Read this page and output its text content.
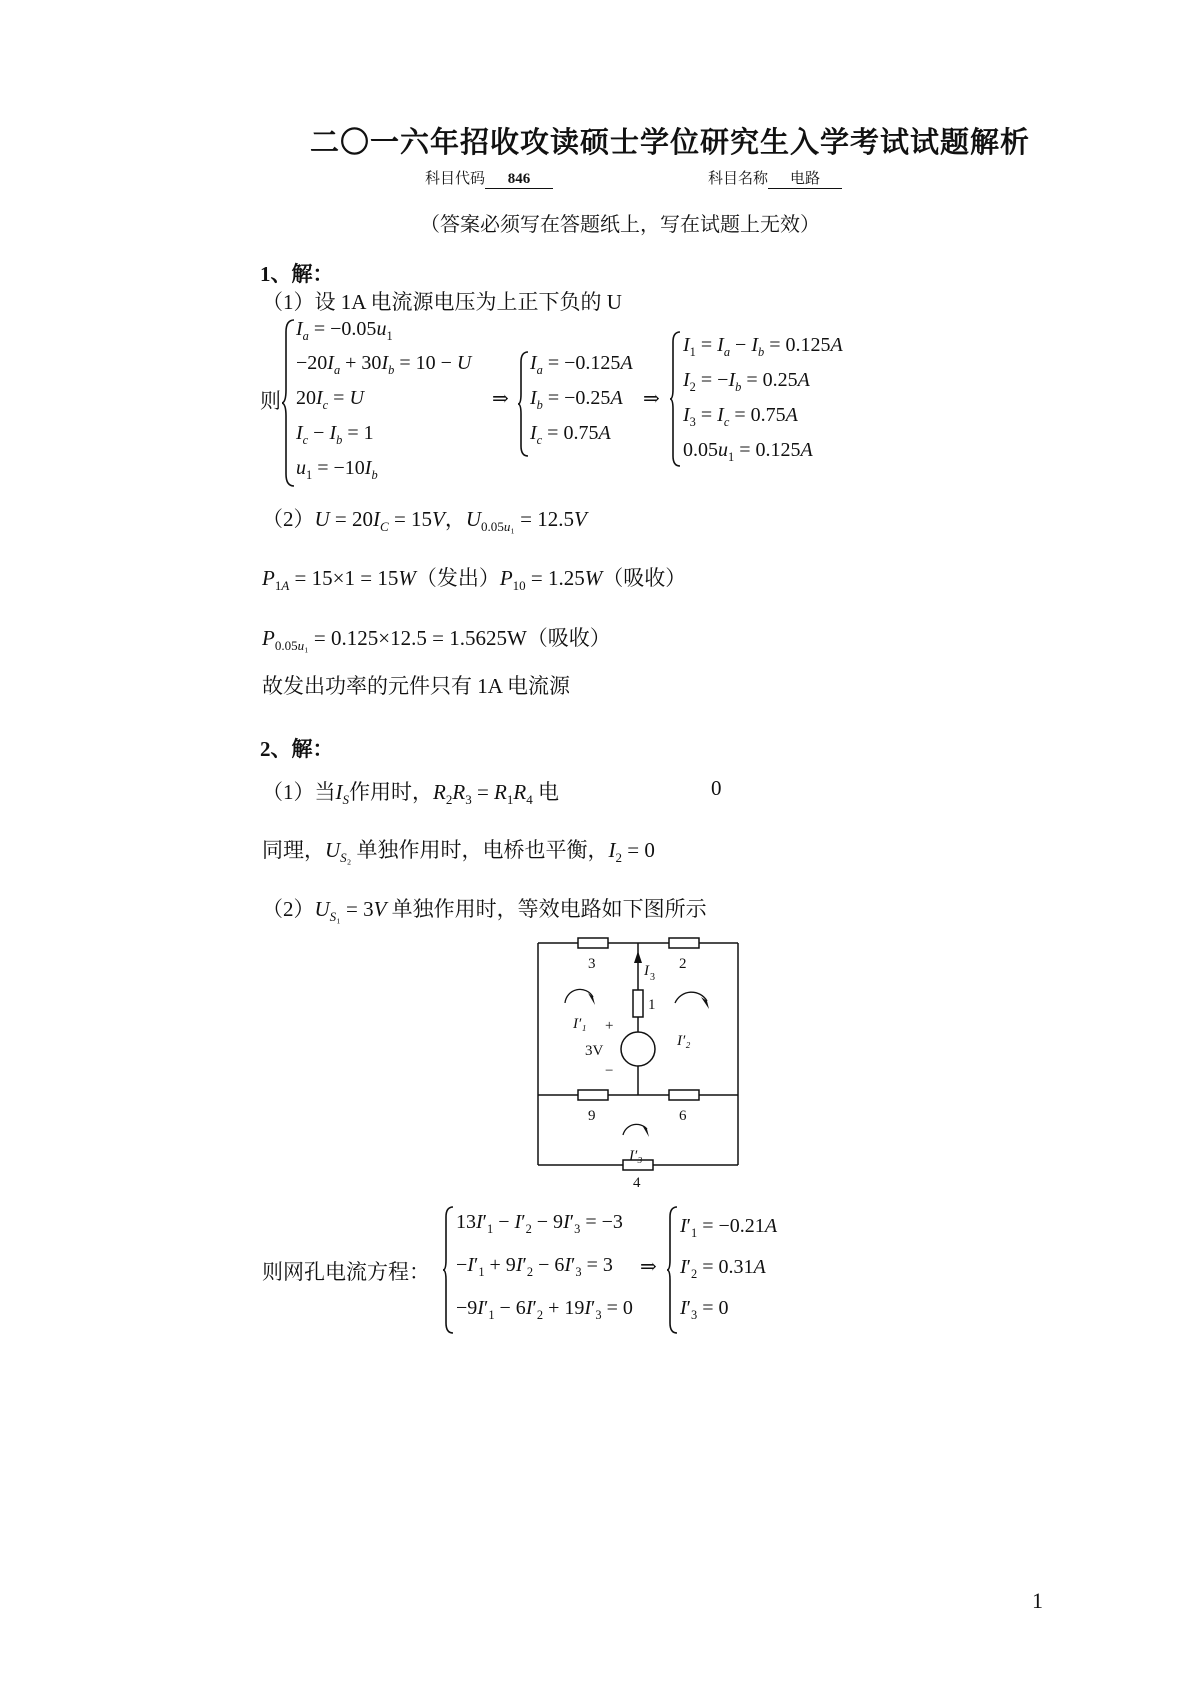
二〇一六年招收攻读硕士学位研究生入学考试试题解析
科目代码 846	科目名称 电路
（答案必须写在答题纸上，写在试题上无效）
1、解：
（1）设 1A 电流源电压为上正下负的 U
则
$I_a = -0.05u_1$
$-20I_a + 30I_b = 10 - U$
$20I_c = U$
$I_c - I_b = 1$
$u_1 = -10I_b$
⇒
$I_a = -0.125A$
$I_b = -0.25A$
$I_c = 0.75A$
⇒
$I_1 = I_a - I_b = 0.125A$
$I_2 = -I_b = 0.25A$
$I_3 = I_c = 0.75A$
$0.05u_1 = 0.125A$
$(2)U = 20I_C = 15V$，$U_{0.05u_1} = 12.5V$
$P_{1A} = 15\times 1 = 15W$（发出）$P_{10} = 1.25W$（吸收）
$P_{0.05u_1} = 0.125\times 12.5 = 1.5625W$（吸收）
故发出功率的元件只有 1A 电流源
2、解：
（1）当$I_S$作用时，$R_2R_3 = R_1R_4$ 电	0
同理，$U_{S_2}$ 单独作用时，电桥也平衡，$I_2 = 0$
$(2)U_{S_1} = 3V$ 单独作用时，等效电路如下图所示
3	2
1
9	6
4
3V
+
−
I 3
I′₁
I′₂
I′₃
则网孔电流方程：
$13I'_1 - I'_2 - 9I'_3 = -3$
$-I'_1 + 9I'_2 - 6I'_3 = 3$
$-9I'_1 - 6I'_2 + 19I'_3 = 0$
⇒
$I'_1 = -0.21A$
$I'_2 = 0.31A$
$I'_3 = 0$
1
